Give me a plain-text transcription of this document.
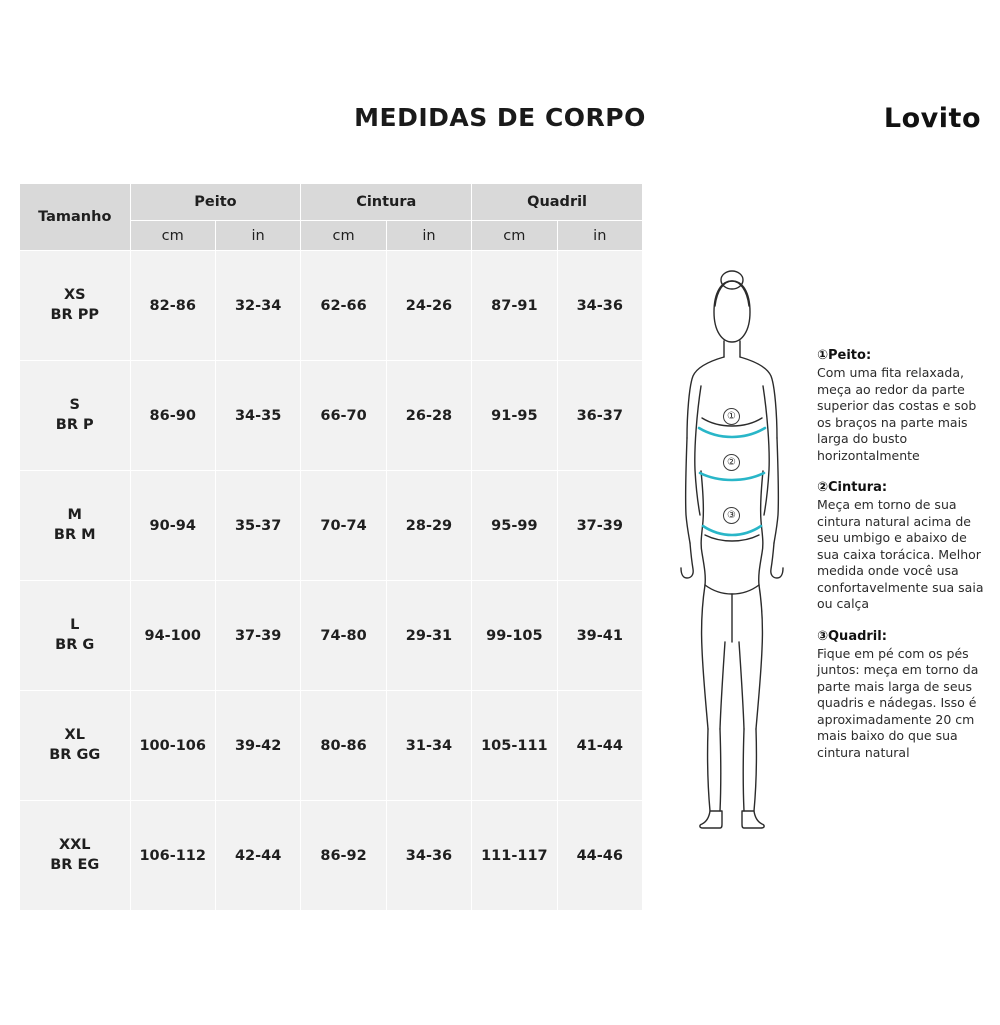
MEDIDAS DE CORPO	Lovito
Tamanho	Peito		Cintura		Quadril	
	cm	in	cm	in	cm	in
XS
BR PP	82-86	32-34	62-66	24-26	87-91	34-36
S
BR P	86-90	34-35	66-70	26-28	91-95	36-37
M
BR M	90-94	35-37	70-74	28-29	95-99	37-39
L
BR G	94-100	37-39	74-80	29-31	99-105	39-41
XL
BR GG	100-106	39-42	80-86	31-34	105-111	41-44
XXL
BR EG	106-112	42-44	86-92	34-36	111-117	44-46
①
②
③
①Peito:
Com uma fita relaxada, meça ao redor da parte superior das costas e sob os braços na parte mais larga do busto horizontalmente
②Cintura:
Meça em torno de sua cintura natural acima de seu umbigo e abaixo de sua caixa torácica. Melhor medida onde você usa confortavelmente sua saia ou calça
③Quadril:
Fique em pé com os pés juntos: meça em torno da parte mais larga de seus quadris e nádegas. Isso é aproximadamente 20 cm mais baixo do que sua cintura natural
